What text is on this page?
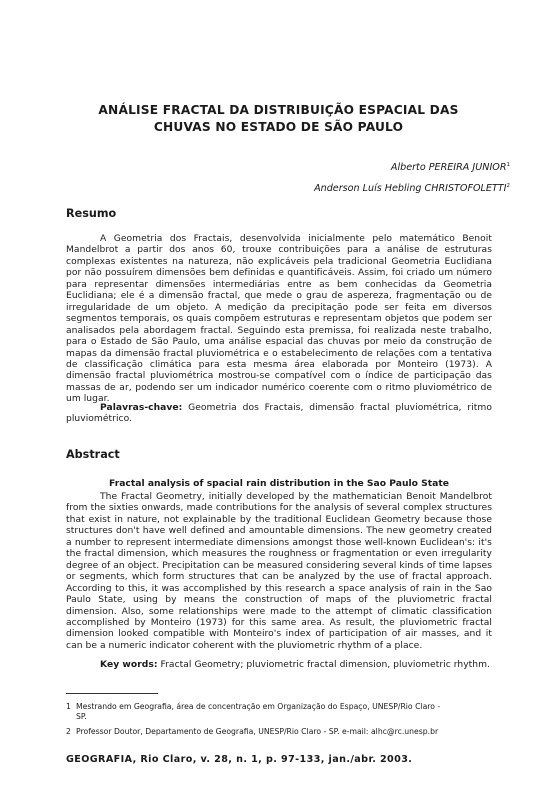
ANÁLISE FRACTAL DA DISTRIBUIÇÃO ESPACIAL DAS
CHUVAS NO ESTADO DE SÃO PAULO
Alberto PEREIRA JUNIOR$^1$
Anderson Luís Hebling CHRISTOFOLETTI$^2$
Resumo

A Geometria dos Fractais, desenvolvida inicialmente pelo matemático Benoit Mandelbrot a partir dos anos 60, trouxe contribuições para a análise de estruturas complexas existentes na natureza, não explicáveis pela tradicional Geometria Euclidiana por não possuírem dimensões bem definidas e quantificáveis. Assim, foi criado um número para representar dimensões intermediárias entre as bem conhecidas da Geometria Euclidiana; ele é a dimensão fractal, que mede o grau de aspereza, fragmentação ou de irregularidade de um objeto. A medição da precipitação pode ser feita em diversos segmentos temporais, os quais compõem estruturas e representam objetos que podem ser analisados pela abordagem fractal. Seguindo esta premissa, foi realizada neste trabalho, para o Estado de São Paulo, uma análise espacial das chuvas por meio da construção de mapas da dimensão fractal pluviométrica e o estabelecimento de relações com a tentativa de classificação climática para esta mesma área elaborada por Monteiro (1973). A dimensão fractal pluviométrica mostrou-se compatível com o índice de participação das massas de ar, podendo ser um indicador numérico coerente com o ritmo pluviométrico de um lugar.

Palavras-chave: Geometria dos Fractais, dimensão fractal pluviométrica, ritmo pluviométrico.

Abstract
Fractal analysis of spacial rain distribution in the Sao Paulo State

The Fractal Geometry, initially developed by the mathematician Benoit Mandelbrot from the sixties onwards, made contributions for the analysis of several complex structures that exist in nature, not explainable by the traditional Euclidean Geometry because those structures don't have well defined and amountable dimensions. The new geometry created a number to represent intermediate dimensions amongst those well-known Euclidean's: it's the fractal dimension, which measures the roughness or fragmentation or even irregularity degree of an object. Precipitation can be measured considering several kinds of time lapses or segments, which form structures that can be analyzed by the use of fractal approach. According to this, it was accomplished by this research a space analysis of rain in the Sao Paulo State, using by means the construction of maps of the pluviometric fractal dimension. Also, some relationships were made to the attempt of climatic classification accomplished by Monteiro (1973) for this same area. As result, the pluviometric fractal dimension looked compatible with Monteiro's index of participation of air masses, and it can be a numeric indicator coherent with the pluviometric rhythm of a place.

Key words: Fractal Geometry; pluviometric fractal dimension, pluviometric rhythm.

1 Mestrando em Geografia, área de concentração em Organização do Espaço, UNESP/Rio Claro -
SP.

2 Professor Doutor, Departamento de Geografia, UNESP/Rio Claro - SP. e-mail: alhc@rc.unesp.br

GEOGRAFIA, Rio Claro, v. 28, n. 1, p. 97-133, jan./abr. 2003.
